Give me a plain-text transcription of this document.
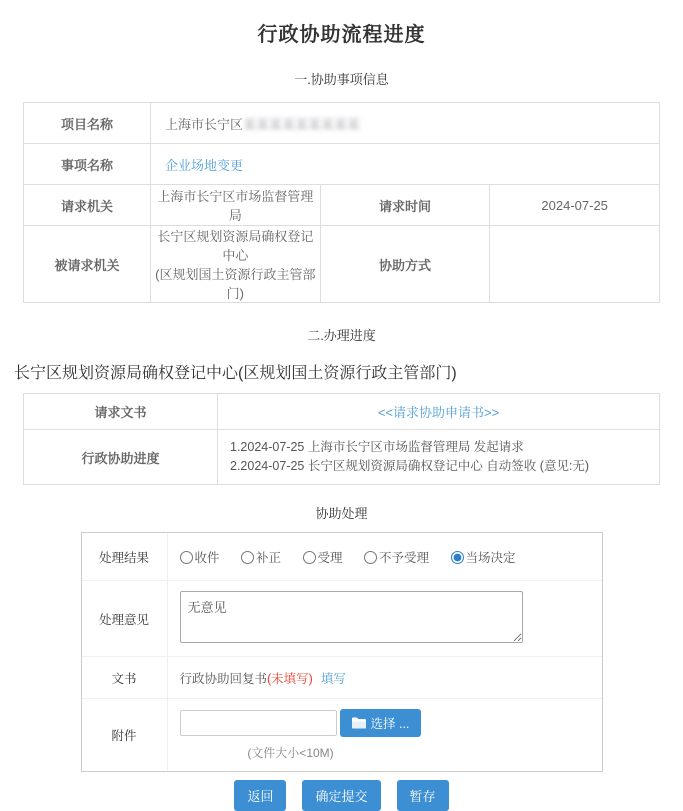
行政协助流程进度
一.协助事项信息
项目名称	上海市长宁区某某某某某某某某某		
事项名称	企业场地变更		
请求机关	上海市长宁区市场监督管理局	请求时间	2024-07-25
被请求机关	长宁区规划资源局确权登记中心
(区规划国土资源行政主管部门)	协助方式	
二.办理进度
长宁区规划资源局确权登记中心(区规划国土资源行政主管部门)
请求文书	<<请求协助申请书>>
行政协助进度	1.2024-07-25 上海市长宁区市场监督管理局 发起请求
2.2024-07-25 长宁区规划资源局确权登记中心 自动签收 (意见:无)
协助处理
处理结果	收件	补正	受理	不予受理	当场决定
处理意见
无意见
文书	行政协助回复书(未填写) 填写
附件
选择 ...
(文件大小<10M)
返回	确定提交	暂存
